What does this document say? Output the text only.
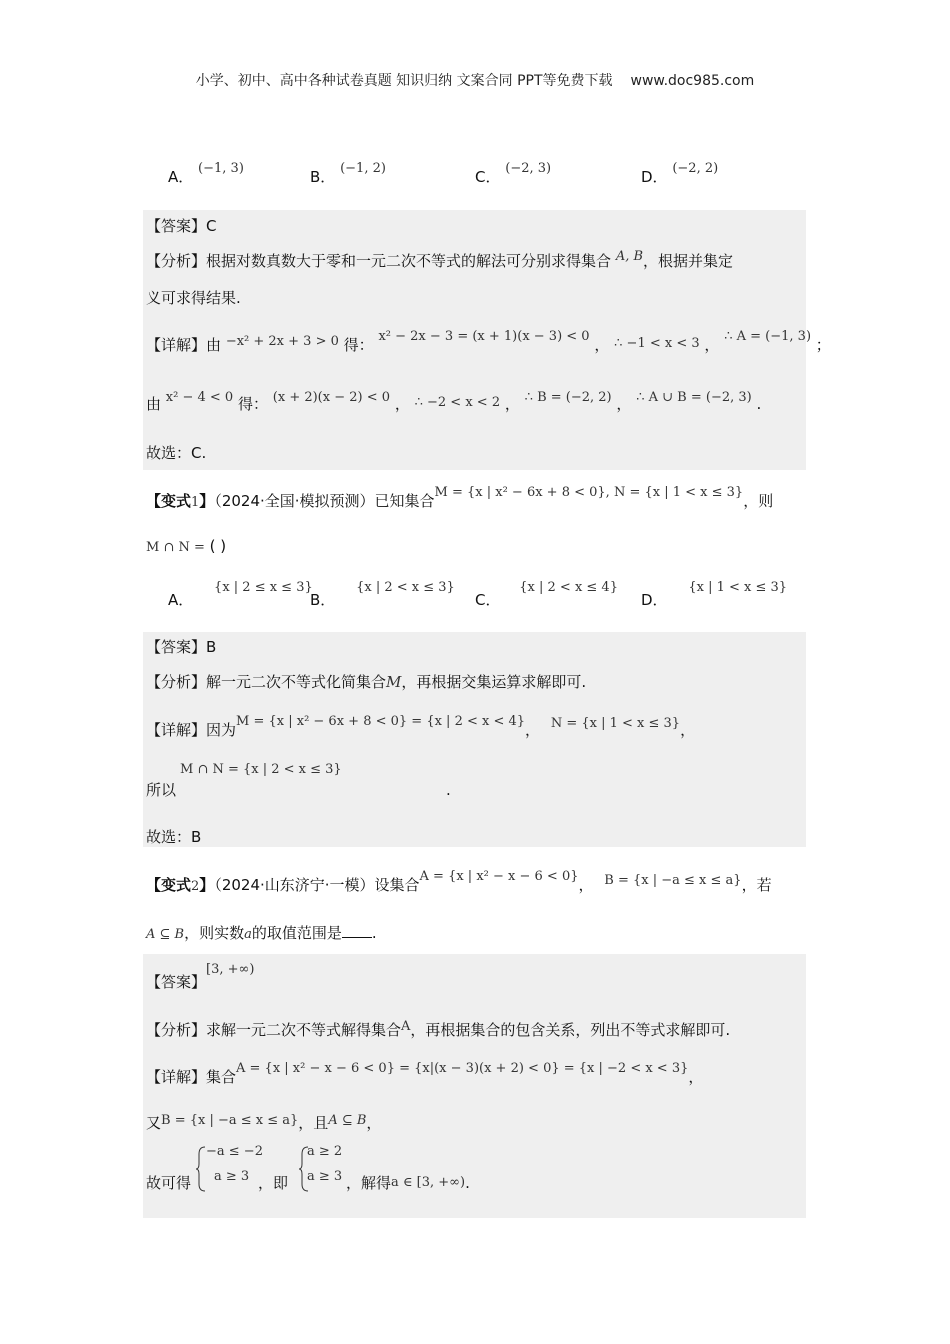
小学、初中、高中各种试卷真题 知识归纳 文案合同 PPT等免费下载 www.doc985.com
A． (−1, 3)	B． (−1, 2)	C． (−2, 3)	D． (−2, 2)
【答案】C
【分析】根据对数真数大于零和一元二次不等式的解法可分别求得集合 A, B，根据并集定
义可求得结果.
【详解】由 −x² + 2x + 3 > 0 得： x² − 2x − 3 = (x + 1)(x − 3) < 0 ， ∴ −1 < x < 3 ， ∴ A = (−1, 3) ；
由 x² − 4 < 0 得： (x + 2)(x − 2) < 0 ， ∴ −2 < x < 2 ， ∴ B = (−2, 2) ， ∴ A ∪ B = (−2, 3) .
故选：C.
【变式1】（2024·全国·模拟预测）已知集合M = {x | x² − 6x + 8 < 0}, N = {x | 1 < x ≤ 3}，则
M ∩ N = ( )
A． {x | 2 ≤ x ≤ 3}
B． {x | 2 < x ≤ 3}
C． {x | 2 < x ≤ 4}
D． {x | 1 < x ≤ 3}
【答案】B
【分析】解一元二次不等式化简集合M，再根据交集运算求解即可.
【详解】因为M = {x | x² − 6x + 8 < 0} = {x | 2 < x < 4}， N = {x | 1 < x ≤ 3}，
M ∩ N = {x | 2 < x ≤ 3}
所以	.
故选：B
【变式2】（2024·山东济宁·一模）设集合A = {x | x² − x − 6 < 0}， B = {x | −a ≤ x ≤ a}，若
A ⊆ B，则实数a的取值范围是 .
【答案】[3, +∞)
【分析】求解一元二次不等式解得集合A，再根据集合的包含关系，列出不等式求解即可.
【详解】集合A = {x | x² − x − 6 < 0} = {x|(x − 3)(x + 2) < 0} = {x | −2 < x < 3}，
又B = {x | −a ≤ x ≤ a}，且A ⊆ B，
故可得
−a ≤ −2
a ≥ 3 ，即
a ≥ 2
a ≥ 3 ，解得a ∈ [3, +∞).
